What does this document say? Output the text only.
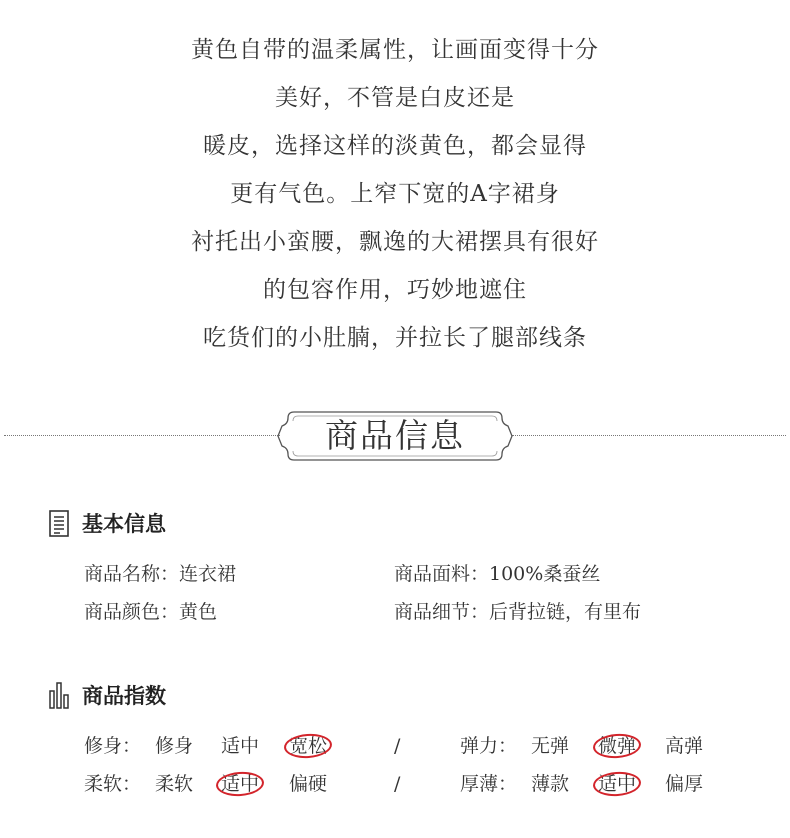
黄色自带的温柔属性，让画面变得十分
美好，不管是白皮还是
暖皮，选择这样的淡黄色，都会显得
更有气色。上窄下宽的A字裙身
衬托出小蛮腰，飘逸的大裙摆具有很好
的包容作用，巧妙地遮住
吃货们的小肚腩，并拉长了腿部线条
商品信息
基本信息
商品名称：连衣裙	商品面料：100%桑蚕丝
商品颜色：黄色	商品细节：后背拉链，有里布
商品指数
修身： 修身 适中 宽松	/	弹力： 无弹 微弹 高弹
柔软： 柔软 适中 偏硬	/	厚薄： 薄款 适中 偏厚
